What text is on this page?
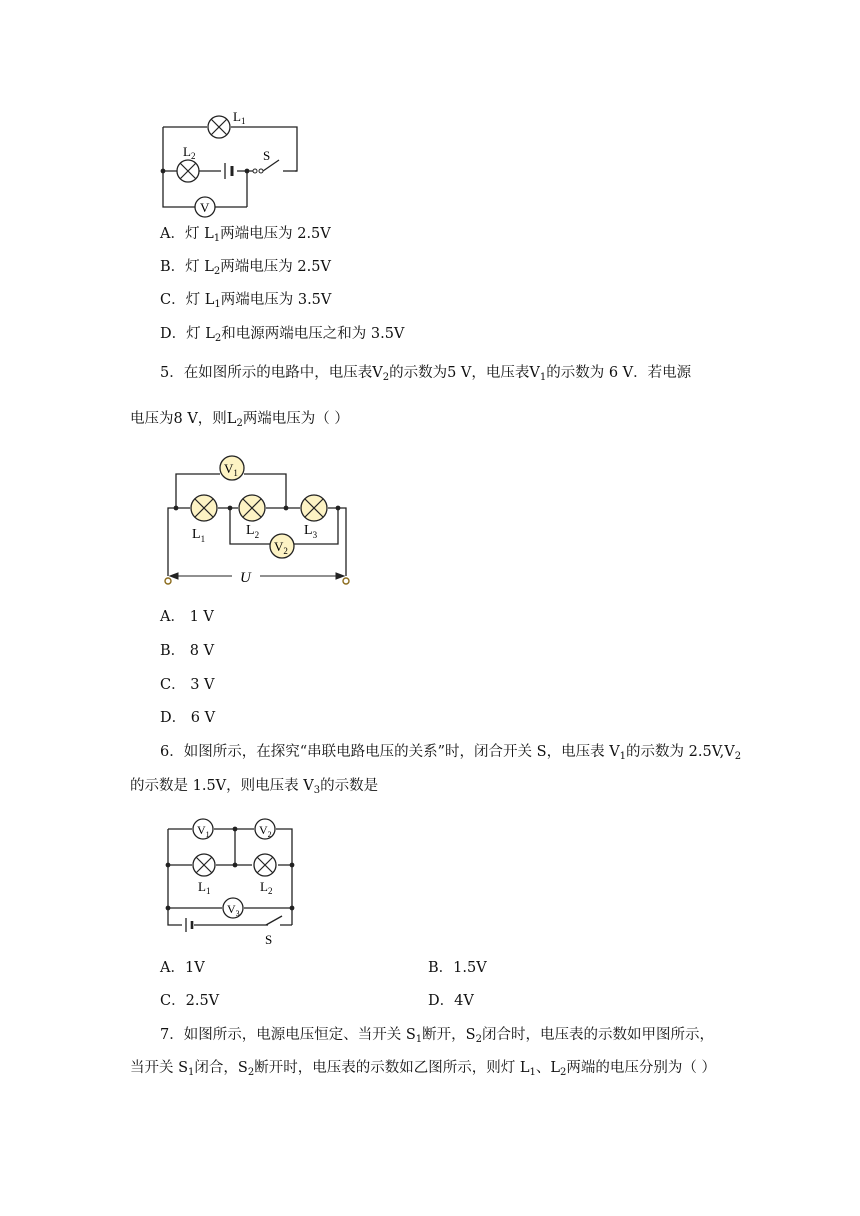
$L_1$
$L_2$	S
V
A．灯 $L_1$两端电压为 2.5V
B．灯 $L_2$两端电压为 2.5V
C．灯 $L_1$两端电压为 3.5V
D．灯 $L_2$和电源两端电压之和为 3.5V
5．在如图所示的电路中，电压表$V_2$的示数为5 V，电压表$V_1$的示数为 6 V．若电源
电压为8 V，则$L_2$两端电压为（ ）
$V_1$
$V_2$
$L_1$
$L_2$	$L_3$
U
A． 1 V
B． 8 V
C． 3 V
D． 6 V
6．如图所示，在探究“串联电路电压的关系”时，闭合开关 S，电压表 $V_1$的示数为 $2.5V,V_2$
的示数是 1.5V，则电压表 $V_3$的示数是
$V_1$	$V_2$
$V_3$
$L_1$	$L_2$
S
A．1V	B．1.5V
C．2.5V	D．4V
7．如图所示，电源电压恒定、当开关 $S_1$断开，$S_2$闭合时，电压表的示数如甲图所示，
当开关 $S_1$闭合，$S_2$断开时，电压表的示数如乙图所示，则灯 $L_1$、$L_2$两端的电压分别为（ ）
